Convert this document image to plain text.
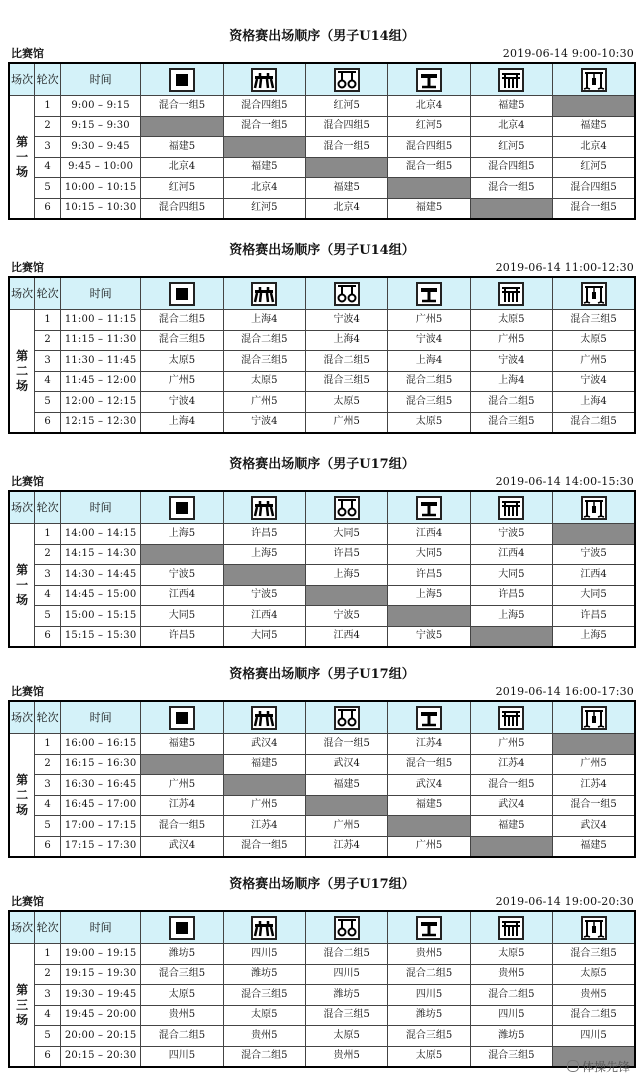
资格赛出场顺序（男子U14组）
比赛馆	2019-06-14 9:00-10:30
场次	轮次	时间	

第
一
场	1	9:00 – 9:15	混合一组5	混合四组5	红河5	北京4	福建5	
	2	9:15 – 9:30		混合一组5	混合四组5	红河5	北京4	福建5
	3	9:30 – 9:45	福建5		混合一组5	混合四组5	红河5	北京4
	4	9:45 – 10:00	北京4	福建5		混合一组5	混合四组5	红河5
	5	10:00 – 10:15	红河5	北京4	福建5		混合一组5	混合四组5
	6	10:15 – 10:30	混合四组5	红河5	北京4	福建5		混合一组5
资格赛出场顺序（男子U14组）
比赛馆	2019-06-14 11:00-12:30
场次	轮次	时间	

第
二
场	1	11:00 – 11:15	混合二组5	上海4	宁波4	广州5	太原5	混合三组5
	2	11:15 – 11:30	混合三组5	混合二组5	上海4	宁波4	广州5	太原5
	3	11:30 – 11:45	太原5	混合三组5	混合二组5	上海4	宁波4	广州5
	4	11:45 – 12:00	广州5	太原5	混合三组5	混合二组5	上海4	宁波4
	5	12:00 – 12:15	宁波4	广州5	太原5	混合三组5	混合二组5	上海4
	6	12:15 – 12:30	上海4	宁波4	广州5	太原5	混合三组5	混合二组5
资格赛出场顺序（男子U17组）
比赛馆	2019-06-14 14:00-15:30
场次	轮次	时间	

第
一
场	1	14:00 – 14:15	上海5	许昌5	大同5	江西4	宁波5	
	2	14:15 – 14:30		上海5	许昌5	大同5	江西4	宁波5
	3	14:30 – 14:45	宁波5		上海5	许昌5	大同5	江西4
	4	14:45 – 15:00	江西4	宁波5		上海5	许昌5	大同5
	5	15:00 – 15:15	大同5	江西4	宁波5		上海5	许昌5
	6	15:15 – 15:30	许昌5	大同5	江西4	宁波5		上海5
资格赛出场顺序（男子U17组）
比赛馆	2019-06-14 16:00-17:30
场次	轮次	时间	

第
二
场	1	16:00 – 16:15	福建5	武汉4	混合一组5	江苏4	广州5	
	2	16:15 – 16:30		福建5	武汉4	混合一组5	江苏4	广州5
	3	16:30 – 16:45	广州5		福建5	武汉4	混合一组5	江苏4
	4	16:45 – 17:00	江苏4	广州5		福建5	武汉4	混合一组5
	5	17:00 – 17:15	混合一组5	江苏4	广州5		福建5	武汉4
	6	17:15 – 17:30	武汉4	混合一组5	江苏4	广州5		福建5
资格赛出场顺序（男子U17组）
比赛馆	2019-06-14 19:00-20:30
场次	轮次	时间	

第
三
场	1	19:00 – 19:15	潍坊5	四川5	混合二组5	贵州5	太原5	混合三组5
	2	19:15 – 19:30	混合三组5	潍坊5	四川5	混合二组5	贵州5	太原5
	3	19:30 – 19:45	太原5	混合三组5	潍坊5	四川5	混合二组5	贵州5
	4	19:45 – 20:00	贵州5	太原5	混合三组5	潍坊5	四川5	混合二组5
	5	20:00 – 20:15	混合二组5	贵州5	太原5	混合三组5	潍坊5	四川5
	6	20:15 – 20:30	四川5	混合二组5	贵州5	太原5	混合三组5	
体操先锋
